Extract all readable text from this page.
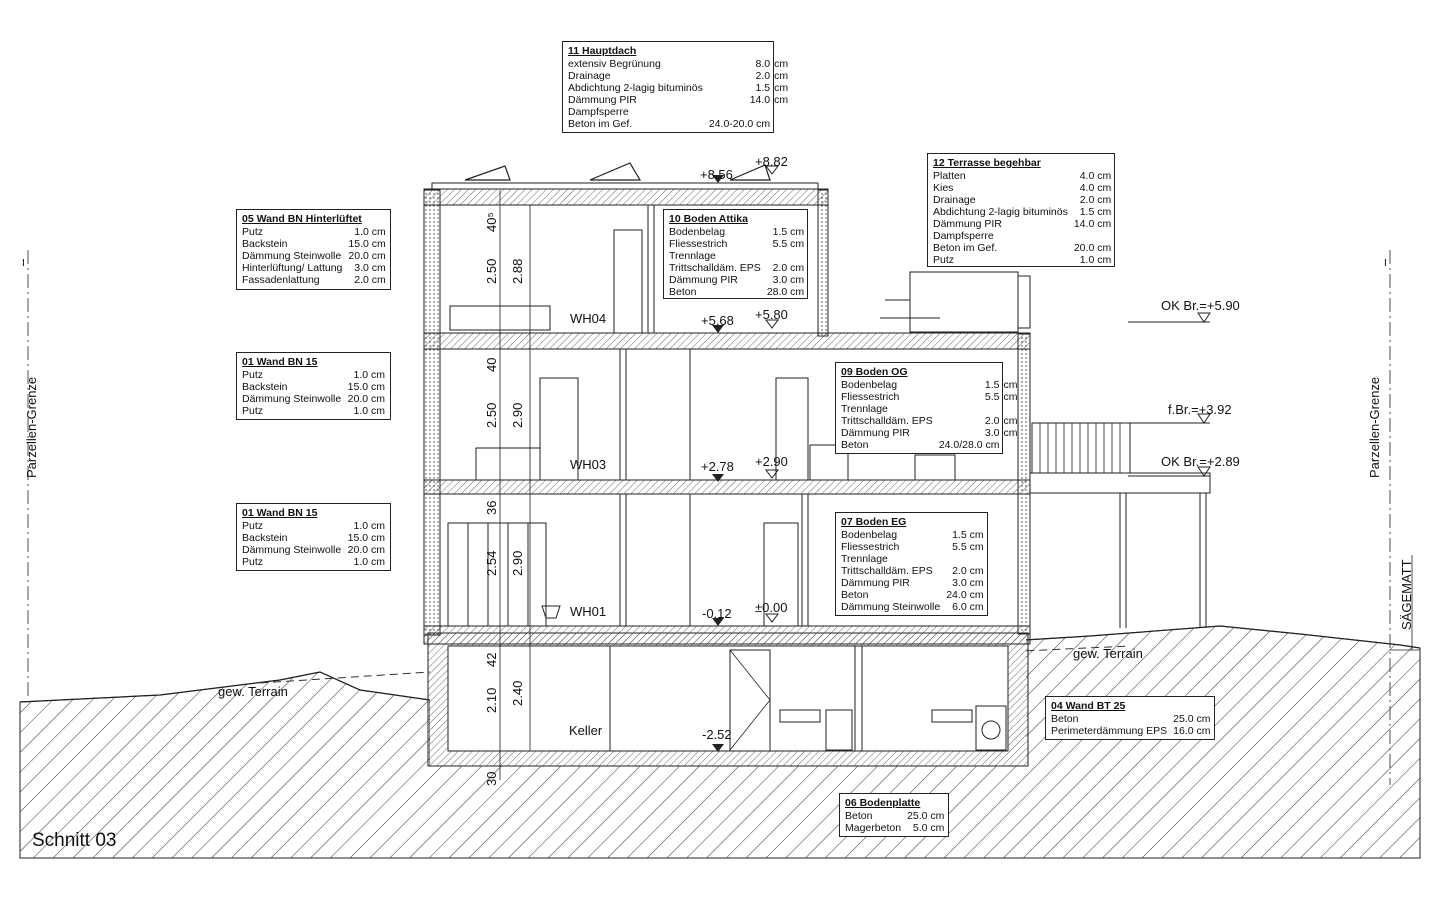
I	I
11 Hauptdach
extensiv Begrünung	8.0	cm
Drainage	2.0	cm
Abdichtung 2-lagig bituminös	1.5	cm
Dämmung PIR	14.0	cm
Dampfsperre		
Beton im Gef.	24.0-20.0 cm	
12 Terrasse begehbar
Platten	4.0 cm
Kies	4.0 cm
Drainage	2.0 cm
Abdichtung 2-lagig bituminös	1.5 cm
Dämmung PIR	14.0 cm
Dampfsperre	
Beton im Gef.	20.0 cm
Putz	1.0 cm
05 Wand BN Hinterlüftet
Putz	1.0 cm
Backstein	15.0 cm
Dämmung Steinwolle	20.0 cm
Hinterlüftung/ Lattung	3.0 cm
Fassadenlattung	2.0 cm
10 Boden Attika
Bodenbelag	1.5 cm
Fliessestrich	5.5 cm
Trennlage	
Trittschalldäm. EPS	2.0 cm
Dämmung PIR	3.0 cm
Beton	28.0 cm
01 Wand BN 15
Putz	1.0 cm
Backstein	15.0 cm
Dämmung Steinwolle	20.0 cm
Putz	1.0 cm
09 Boden OG
Bodenbelag	1.5	cm
Fliessestrich	5.5	cm
Trennlage		
Trittschalldäm. EPS	2.0	cm
Dämmung PIR	3.0	cm
Beton	24.0/28.0 cm	
01 Wand BN 15
Putz	1.0 cm
Backstein	15.0 cm
Dämmung Steinwolle	20.0 cm
Putz	1.0 cm
07 Boden EG
Bodenbelag	1.5 cm
Fliessestrich	5.5 cm
Trennlage	
Trittschalldäm. EPS	2.0 cm
Dämmung PIR	3.0 cm
Beton	24.0 cm
Dämmung Steinwolle	6.0 cm
04 Wand BT 25
Beton	25.0 cm
Perimeterdämmung EPS	16.0 cm
06 Bodenplatte
Beton	25.0 cm
Magerbeton	5.0 cm
Schnitt 03
gew. Terrain
gew. Terrain
WH04
WH03
WH01
Keller
+8.82
+8.56
+5.68 +5.80
+2.78 +2.90
-0.12 ±0.00
-2.52
OK Br.=+5.90
f.Br.=+3.92
OK Br.=+2.89
40⁵
2.50 2.88
40
2.50 2.90
36
2.54 2.90
42
2.10 2.40
30
Parzellen-Grenze	Parzellen-Grenze
SÄGEMATT
